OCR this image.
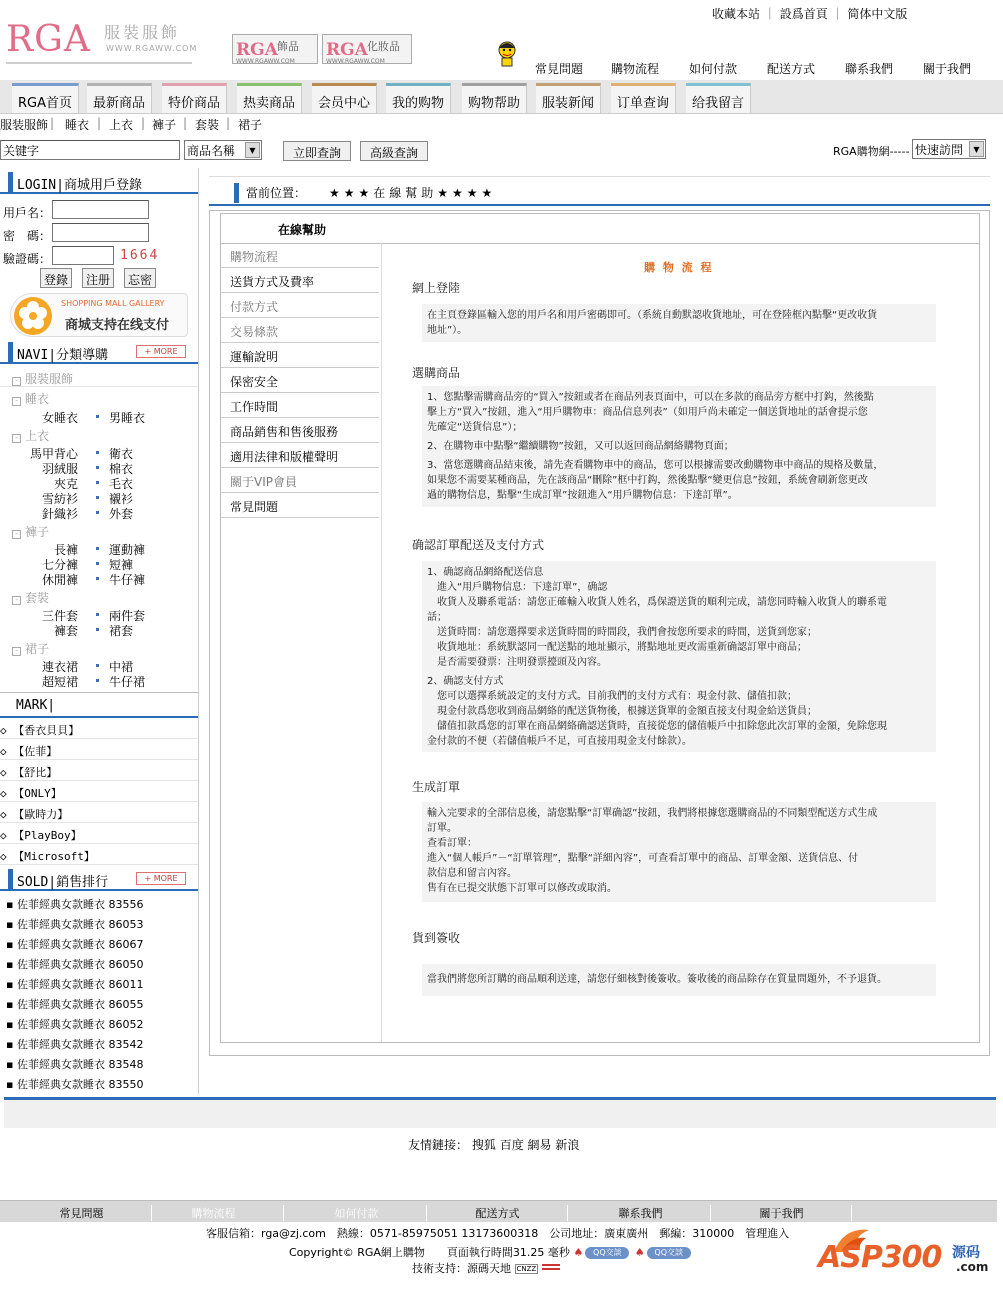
RGA 服裝服飾
WWW.RGAWW.COM RGA 飾品
WWW.RGAWW.COM
RGA 化妝品
WWW.RGAWW.COM
收藏本站 ｜ 設爲首頁 ｜ 简体中文版
常見問題 購物流程 如何付款 配送方式 聯系我們 關于我們
RGA首页	最新商品	特价商品	热卖商品	会员中心	我的购物	购物帮助	服装新闻	订单查询	给我留言
服装服飾 | 睡衣 | 上衣 | 褲子 | 套裝 | 裙子
关键字	商品名稱	▼	立即查詢	高級查詢	RGA購物網----- 快速訪問	▼
LOGIN|商城用戶登錄
用戶名：
密　碼：
驗證碼：	1664
登錄	注册	忘密
SHOPPING MALL GALLERY
商城支持在线支付
NAVI|分類導購	+ MORE
- 服裝服飾
- 睡衣
女睡衣	男睡衣
- 上衣
馬甲背心	衛衣
羽絨服	棉衣
夾克	毛衣
雪紡衫	襯衫
針織衫	外套
- 褲子
長褲	運動褲
七分褲	短褲
休閒褲	牛仔褲
- 套裝
三件套	兩件套
褲套	裙套
- 裙子
連衣裙	中裙
超短裙	牛仔裙
MARK|
◇ 【香衣貝貝】
◇ 【佐菲】
◇ 【舒比】
◇ 【ONLY】
◇ 【歐時力】
◇ 【PlayBoy】
◇ 【Microsoft】
SOLD|銷售排行	+ MORE
▪ 佐菲經典女款睡衣 83556
▪ 佐菲經典女款睡衣 86053
▪ 佐菲經典女款睡衣 86067
▪ 佐菲經典女款睡衣 86050
▪ 佐菲經典女款睡衣 86011
▪ 佐菲經典女款睡衣 86055
▪ 佐菲經典女款睡衣 86052
▪ 佐菲經典女款睡衣 83542
▪ 佐菲經典女款睡衣 83548
▪ 佐菲經典女款睡衣 83550
當前位置： ★★★在線幫助★★★★
在線幫助
購物流程
送貨方式及費率
付款方式
交易條款
運輸說明
保密安全
工作時間
商品銷售和售後服務
適用法律和版權聲明
關于VIP會員
常見問題
購 物 流 程
網上登陸
在主頁登錄區輸入您的用戶名和用戶密碼即可。（系統自動默認收貨地址，可在登陸框內點擊“更改收貨
地址”）。
選購商品
1、您點擊需購商品旁的“買入”按鈕或者在商品列表頁面中，可以在多款的商品旁方框中打鈎，然後點
擊上方“買入”按鈕，進入“用戶購物車：商品信息列表”（如用戶尚未確定一個送貨地址的話會提示您
先確定“送貨信息”）；
2、在購物車中點擊“繼續購物”按鈕，又可以返回商品網絡購物頁面；
3、當您選購商品結束後，請先查看購物車中的商品，您可以根據需要改動購物車中商品的規格及數量，
如果您不需要某種商品，先在該商品“刪除”框中打鈎，然後點擊“變更信息”按鈕，系統會刷新您更改
過的購物信息，點擊“生成訂單”按鈕進入“用戶購物信息：下達訂單”。
确認訂單配送及支付方式
1、确認商品網絡配送信息
　進入“用戶購物信息：下達訂單”，确認
　收貨人及聯系電話：請您正確輸入收貨人姓名，爲保證送貨的順利完成，請您同時輸入收貨人的聯系電
話；
　送貨時間：請您選擇要求送貨時間的時間段，我們會按您所要求的時間，送貨到您家；
　收貨地址：系統默認同一配送點的地址顯示，將點地址更改需重新确認訂單中商品；
　是否需要發票：注明發票擡頭及內容。
2、确認支付方式
　您可以選擇系統設定的支付方式。目前我們的支付方式有：現金付款、儲值扣款；
　現金付款爲您收到商品網絡的配送貨物後，根據送貨單的金額直接支付現金給送貨員；
　儲值扣款爲您的訂單在商品網絡确認送貨時，直接從您的儲值帳戶中扣除您此次訂單的金額，免除您現
金付款的不便（若儲值帳戶不足，可直接用現金支付餘款）。
生成訂單
輸入完要求的全部信息後，請您點擊“訂單确認”按鈕，我們將根據您選購商品的不同類型配送方式生成
訂單。
查看訂單：
進入“個人帳戶”－“訂單管理”，點擊“詳細內容”，可查看訂單中的商品、訂單金額、送貨信息、付
款信息和留言內容。
售有在已提交狀態下訂單可以修改或取消。
貨到簽收
當我們將您所訂購的商品順利送達，請您仔細核對後簽收。簽收後的商品除存在質量問題外，不予退貨。
友情鏈接： 搜狐 百度 網易 新浪
常見問題	購物流程	如何付款	配送方式	聯系我們	關于我們
客服信箱：rga@zj.com　熱線：0571-85975051 13173600318　公司地址：廣東廣州　郵編：310000　管理進入
Copyright© RGA網上購物　　頁面執行時間31.25 毫秒 ♠ QQ交談 ♠ QQ交談
技術支持：源碼天地 CNZZ	ASP300 源码
.com
